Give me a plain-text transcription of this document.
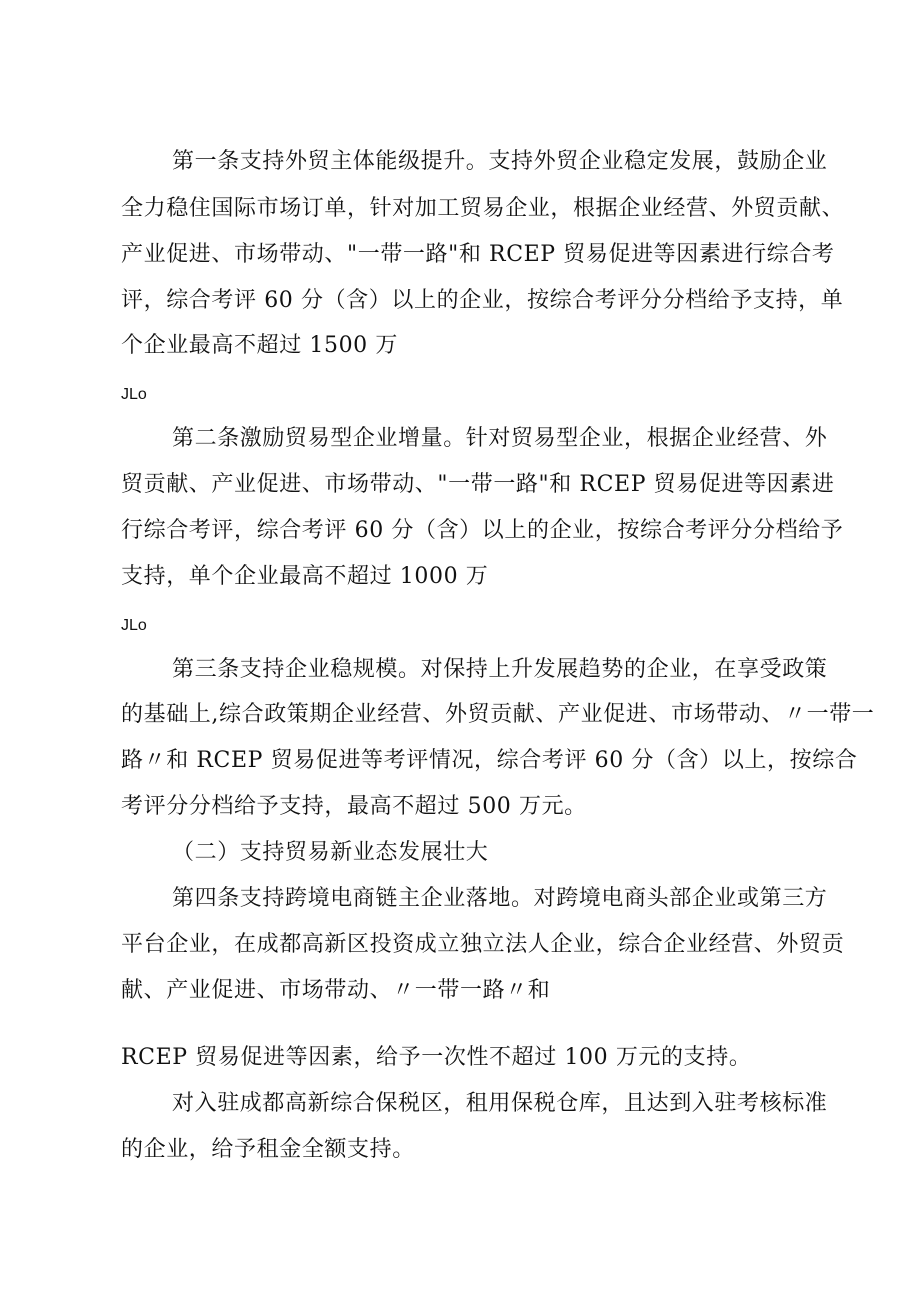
第一条支持外贸主体能级提升。支持外贸企业稳定发展，鼓励企业
全力稳住国际市场订单，针对加工贸易企业，根据企业经营、外贸贡献、
产业促进、市场带动、"一带一路"和 RCEP 贸易促进等因素进行综合考
评，综合考评 60 分（含）以上的企业，按综合考评分分档给予支持，单
个企业最高不超过 1500 万
JLo
第二条激励贸易型企业增量。针对贸易型企业，根据企业经营、外
贸贡献、产业促进、市场带动、"一带一路"和 RCEP 贸易促进等因素进
行综合考评，综合考评 60 分（含）以上的企业，按综合考评分分档给予
支持，单个企业最高不超过 1000 万
JLo
第三条支持企业稳规模。对保持上升发展趋势的企业，在享受政策
的基础上,综合政策期企业经营、外贸贡献、产业促进、市场带动、〃一带一
路〃和 RCEP 贸易促进等考评情况，综合考评 60 分（含）以上，按综合
考评分分档给予支持，最高不超过 500 万元。
（二）支持贸易新业态发展壮大
第四条支持跨境电商链主企业落地。对跨境电商头部企业或第三方
平台企业，在成都高新区投资成立独立法人企业，综合企业经营、外贸贡
献、产业促进、市场带动、〃一带一路〃和
RCEP 贸易促进等因素，给予一次性不超过 100 万元的支持。
对入驻成都高新综合保税区，租用保税仓库，且达到入驻考核标准
的企业，给予租金全额支持。
